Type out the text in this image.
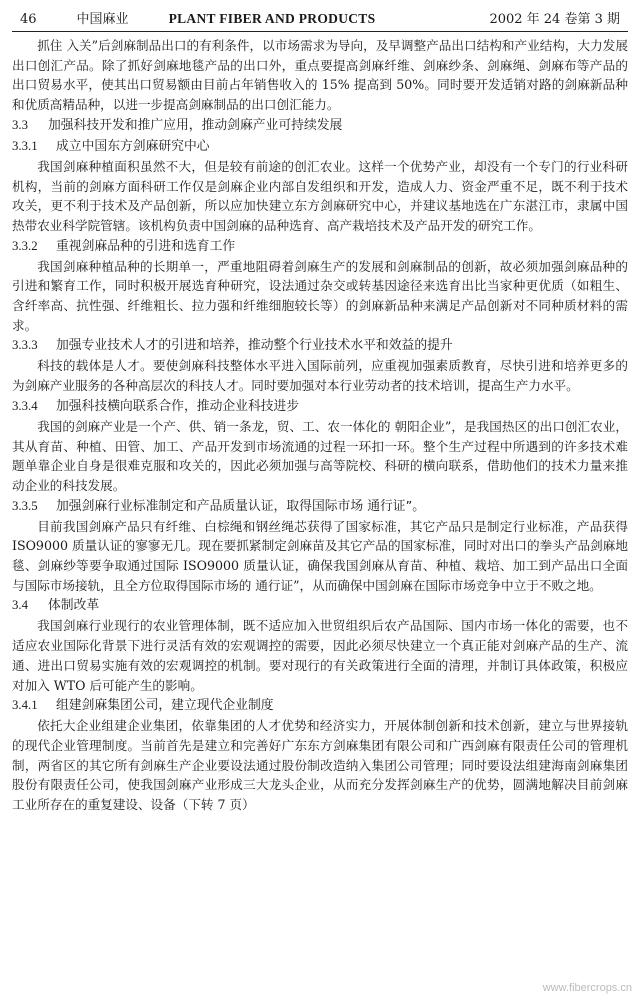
46	中国麻业	PLANT FIBER AND PRODUCTS	2002 年 24 卷第 3 期

抓住 入关”后剑麻制品出口的有利条件，以市场需求为导向，及早调整产品出口结构和产业结构，大力发展出口创汇产品。除了抓好剑麻地毯产品的出口外，重点要提高剑麻纤维、剑麻纱条、剑麻绳、剑麻布等产品的出口贸易水平，使其出口贸易额由目前占年销售收入的 15% 提高到 50%。同时要开发适销对路的剑麻新品种和优质高精品种，以进一步提高剑麻制品的出口创汇能力。

3.3 加强科技开发和推广应用，推动剑麻产业可持续发展
3.3.1 成立中国东方剑麻研究中心

我国剑麻种植面积虽然不大，但是较有前途的创汇农业。这样一个优势产业，却没有一个专门的行业科研机构，当前的剑麻方面科研工作仅是剑麻企业内部自发组织和开发，造成人力、资金严重不足，既不利于技术攻关，更不利于技术及产品创新，所以应加快建立东方剑麻研究中心，并建议基地选在广东湛江市，隶属中国热带农业科学院管辖。该机构负责中国剑麻的品种选育、高产栽培技术及产品开发的研究工作。

3.3.2 重视剑麻品种的引进和选育工作

我国剑麻种植品种的长期单一，严重地阻碍着剑麻生产的发展和剑麻制品的创新，故必须加强剑麻品种的引进和繁育工作，同时积极开展选育种研究，设法通过杂交或转基因途径来选育出比当家种更优质（如粗生、含纤率高、抗性强、纤维粗长、拉力强和纤维细胞较长等）的剑麻新品种来满足产品创新对不同种质材料的需求。

3.3.3 加强专业技术人才的引进和培养，推动整个行业技术水平和效益的提升

科技的载体是人才。要使剑麻科技整体水平进入国际前列，应重视加强素质教育，尽快引进和培养更多的为剑麻产业服务的各种高层次的科技人才。同时要加强对本行业劳动者的技术培训，提高生产力水平。

3.3.4 加强科技横向联系合作，推动企业科技进步

我国的剑麻产业是一个产、供、销一条龙，贸、工、农一体化的 朝阳企业”，是我国热区的出口创汇农业，其从育苗、种植、田管、加工、产品开发到市场流通的过程一环扣一环。整个生产过程中所遇到的许多技术难题单靠企业自身是很难克服和攻关的，因此必须加强与高等院校、科研的横向联系，借助他们的技术力量来推动企业的科技发展。

3.3.5 加强剑麻行业标准制定和产品质量认证，取得国际市场 通行证”。

目前我国剑麻产品只有纤维、白棕绳和钢丝绳芯获得了国家标准，其它产品只是制定行业标准，产品获得 ISO9000 质量认证的寥寥无几。现在要抓紧制定剑麻苗及其它产品的国家标准，同时对出口的拳头产品剑麻地毯、剑麻纱等要争取通过国际 ISO9000 质量认证，确保我国剑麻从育苗、种植、栽培、加工到产品出口全面与国际市场接轨，且全方位取得国际市场的 通行证”，从而确保中国剑麻在国际市场竞争中立于不败之地。

3.4 体制改革

我国剑麻行业现行的农业管理体制，既不适应加入世贸组织后农产品国际、国内市场一体化的需要，也不适应农业国际化背景下进行灵活有效的宏观调控的需要，因此必须尽快建立一个真正能对剑麻产品的生产、流通、进出口贸易实施有效的宏观调控的机制。要对现行的有关政策进行全面的清理，并制订具体政策，积极应对加入 WTO 后可能产生的影响。

3.4.1 组建剑麻集团公司，建立现代企业制度

依托大企业组建企业集团，依靠集团的人才优势和经济实力，开展体制创新和技术创新，建立与世界接轨的现代企业管理制度。当前首先是建立和完善好广东东方剑麻集团有限公司和广西剑麻有限责任公司的管理机制，两省区的其它所有剑麻生产企业要设法通过股份制改造纳入集团公司管理；同时要设法组建海南剑麻集团股份有限责任公司，使我国剑麻产业形成三大龙头企业，从而充分发挥剑麻生产的优势，圆满地解决目前剑麻工业所存在的重复建设、设备（下转 7 页）

www.fibercrops.cn
